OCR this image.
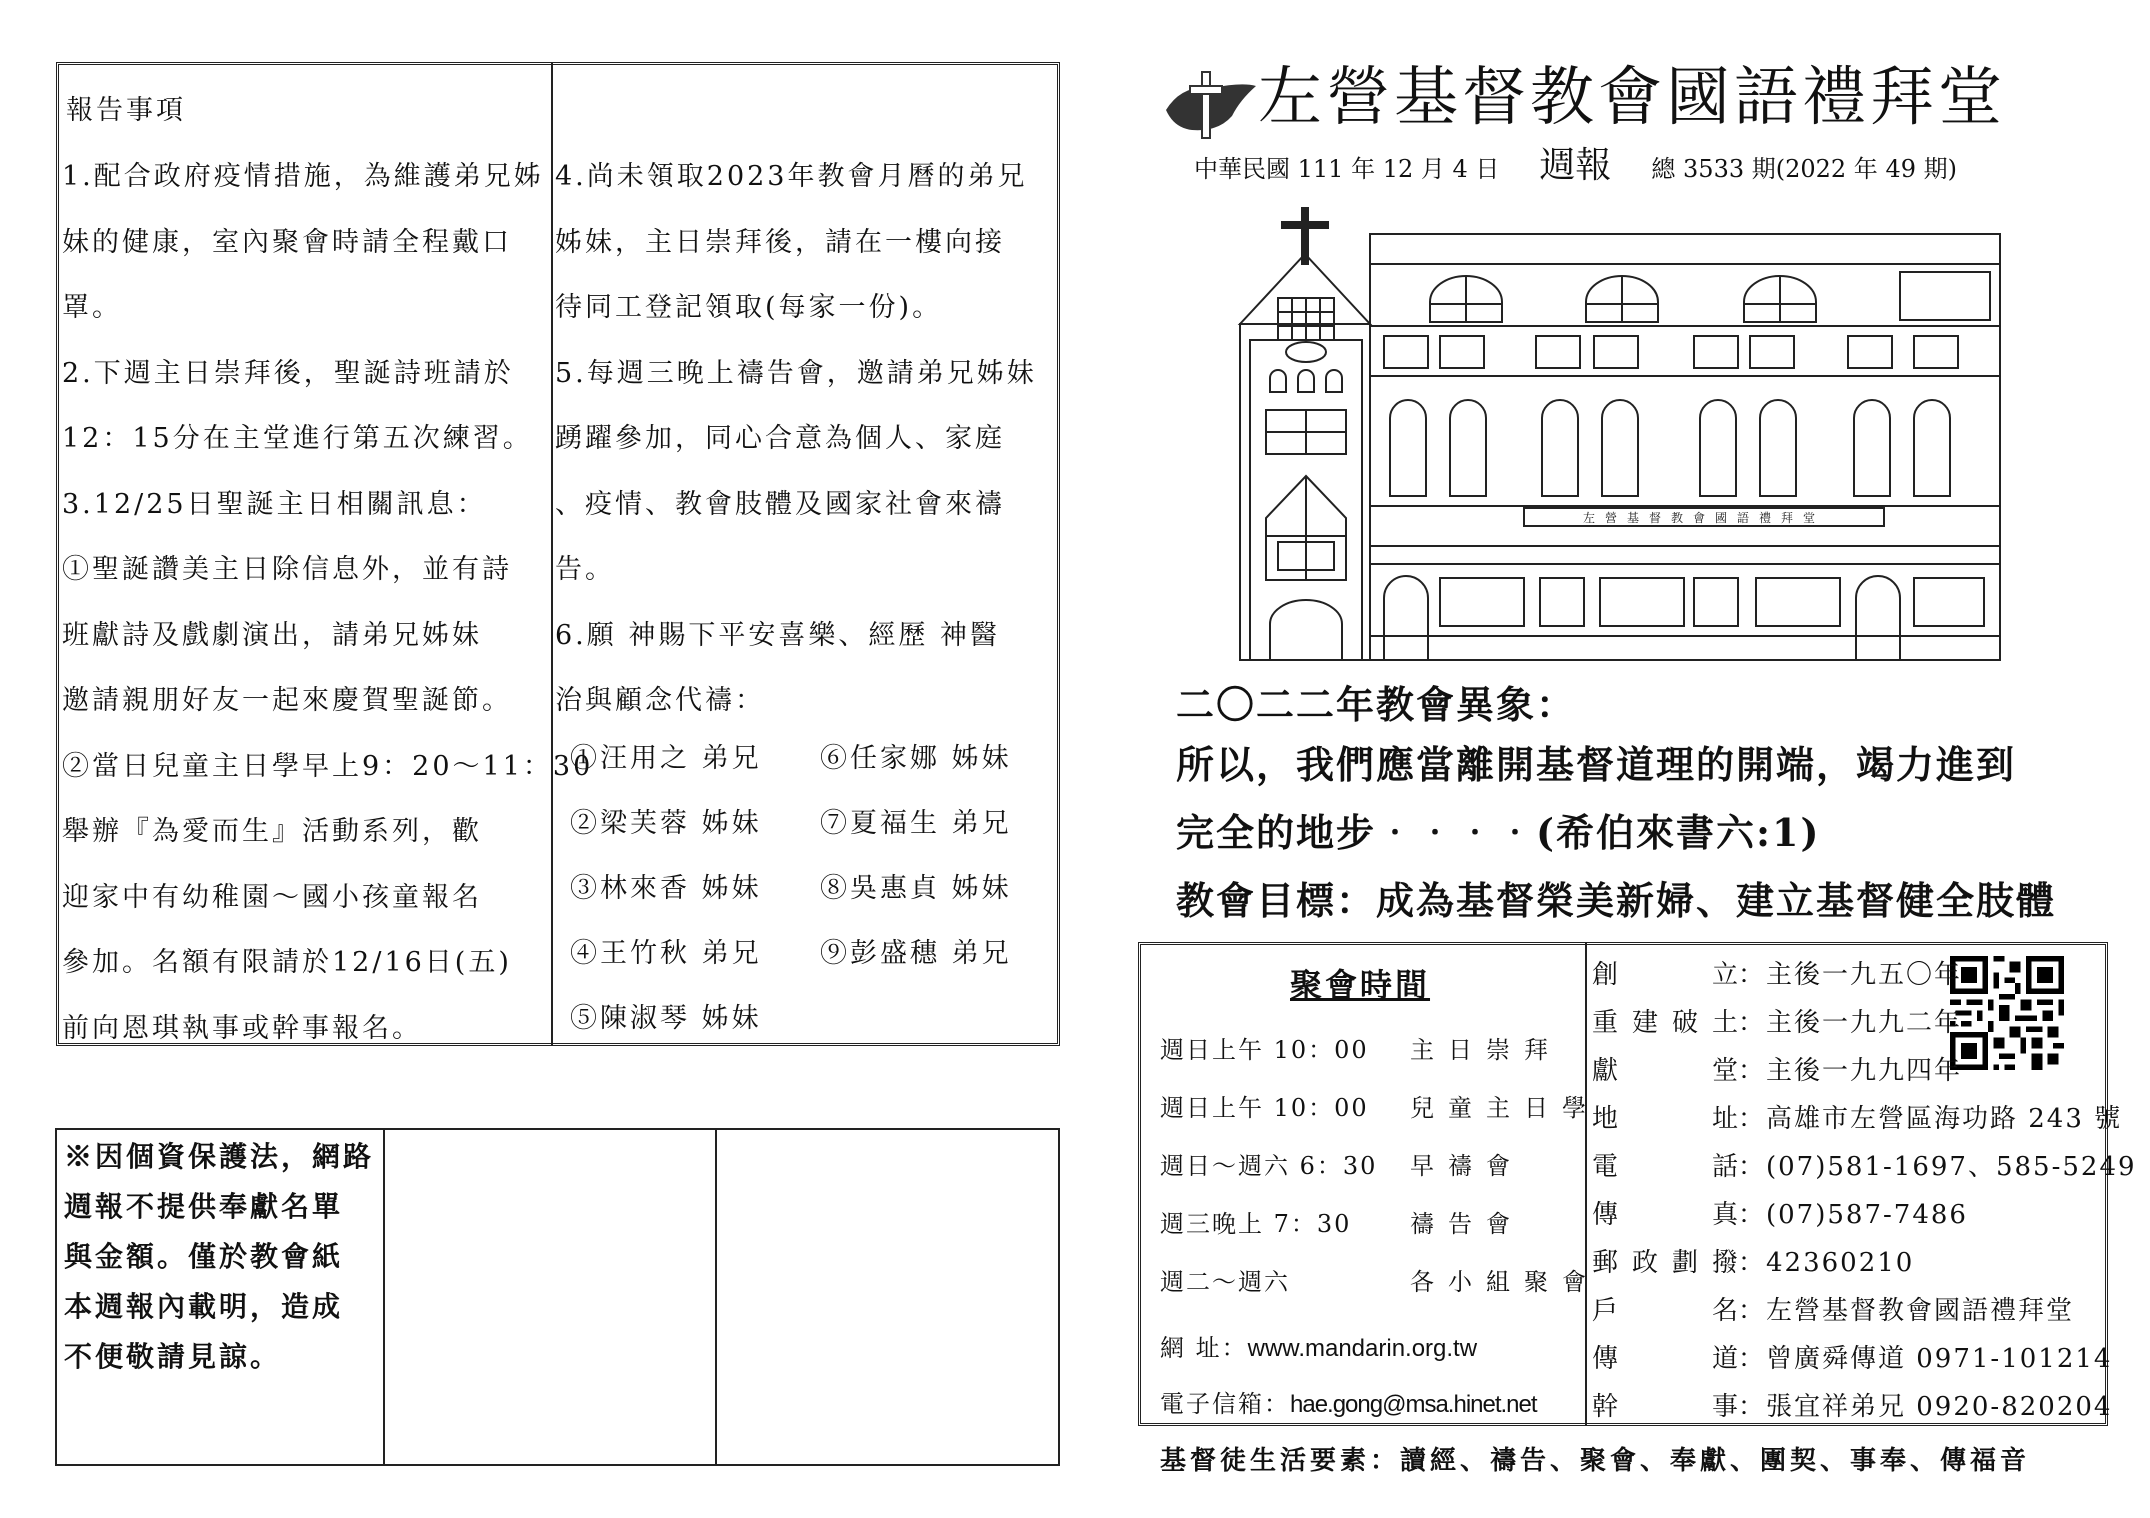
報告事項	左營基督教會國語禮拜堂
中華民國 111 年 12 月 4 日 週報 總 3533 期(2022 年 49 期)
左營基督教會國語禮拜堂
二〇二二年教會異象：
所以，我們應當離開基督道理的開端，竭力進到
完全的地步‧‧‧‧(希伯來書六:1)
教會目標：成為基督榮美新婦、建立基督健全肢體
聚會時間
網 址：www.mandarin.org.tw
電子信箱：hae.gong@msa.hinet.net
基督徒生活要素：讀經、禱告、聚會、奉獻、團契、事奉、傳福音
1.配合政府疫情措施，為維護弟兄姊
妹的健康，室內聚會時請全程戴口
罩。
2.下週主日崇拜後，聖誕詩班請於
12：15分在主堂進行第五次練習。
3.12/25日聖誕主日相關訊息：
①聖誕讚美主日除信息外，並有詩
班獻詩及戲劇演出，請弟兄姊妹
邀請親朋好友一起來慶賀聖誕節。
②當日兒童主日學早上9：20～11：30
舉辦『為愛而生』活動系列，歡
迎家中有幼稚園～國小孩童報名
參加。名額有限請於12/16日(五)
前向恩琪執事或幹事報名。
4.尚未領取2023年教會月曆的弟兄
姊妹，主日崇拜後，請在一樓向接
待同工登記領取(每家一份)。
5.每週三晚上禱告會，邀請弟兄姊妹
踴躍參加，同心合意為個人、家庭
、疫情、教會肢體及國家社會來禱
告。
6.願 神賜下平安喜樂、經歷 神醫
治與顧念代禱：
①汪用之 弟兄 ⑥任家娜 姊妹
②梁芙蓉 姊妹 ⑦夏福生 弟兄
③林來香 姊妹 ⑧吳惠貞 姊妹
④王竹秋 弟兄 ⑨彭盛穗 弟兄
⑤陳淑琴 姊妹
※因個資保護法，網路
週報不提供奉獻名單
與金額。僅於教會紙
本週報內載明，造成
不便敬請見諒。
週日上午 10：00 主日崇拜
週日上午 10：00 兒童主日學
週日～週六 6：30 早禱會
週三晚上 7：30 禱告會
週二～週六	各小組聚會
創立：主後一九五〇年
重建破土：主後一九九二年
獻堂：主後一九九四年
地址：高雄市左營區海功路 243 號
電話：(07)581-1697、585-5249
傳真：(07)587-7486
郵政劃撥：42360210
戶名：左營基督教會國語禮拜堂
傳道：曾廣舜傳道 0971-101214
幹事：張宜祥弟兄 0920-820204
